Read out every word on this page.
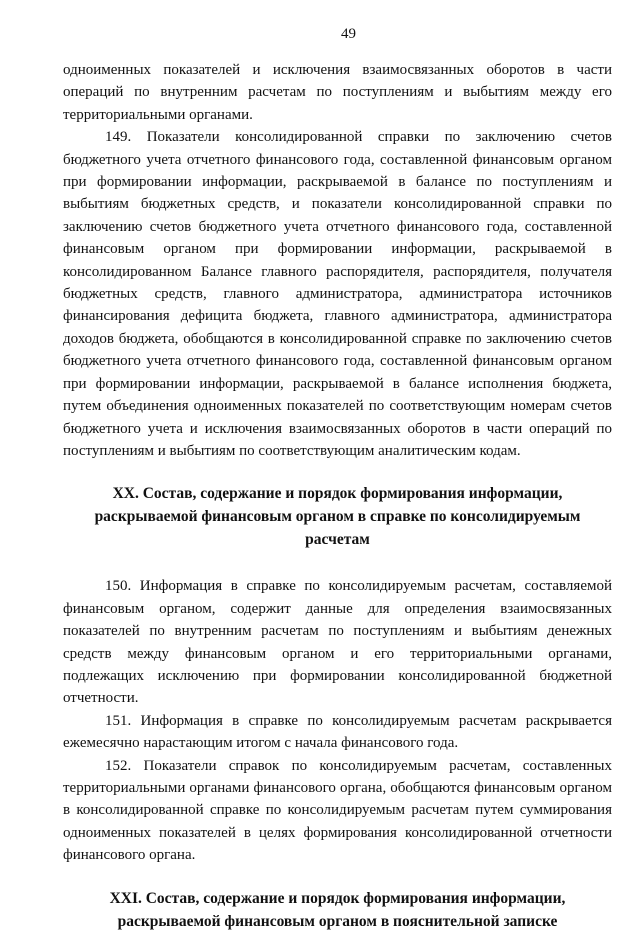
49

одноименных показателей и исключения взаимосвязанных оборотов в части операций по внутренним расчетам по поступлениям и выбытиям между его территориальными органами.

149. Показатели консолидированной справки по заключению счетов бюджетного учета отчетного финансового года, составленной финансовым органом при формировании информации, раскрываемой в балансе по поступлениям и выбытиям бюджетных средств, и показатели консолидированной справки по заключению счетов бюджетного учета отчетного финансового года, составленной финансовым органом при формировании информации, раскрываемой в консолидированном Балансе главного распорядителя, распорядителя, получателя бюджетных средств, главного администратора, администратора источников финансирования дефицита бюджета, главного администратора, администратора доходов бюджета, обобщаются в консолидированной справке по заключению счетов бюджетного учета отчетного финансового года, составленной финансовым органом при формировании информации, раскрываемой в балансе исполнения бюджета, путем объединения одноименных показателей по соответствующим номерам счетов бюджетного учета и исключения взаимосвязанных оборотов в части операций по поступлениям и выбытиям по соответствующим аналитическим кодам.

XX. Состав, содержание и порядок формирования информации, раскрываемой финансовым органом в справке по консолидируемым расчетам

150. Информация в справке по консолидируемым расчетам, составляемой финансовым органом, содержит данные для определения взаимосвязанных показателей по внутренним расчетам по поступлениям и выбытиям денежных средств между финансовым органом и его территориальными органами, подлежащих исключению при формировании консолидированной бюджетной отчетности.

151. Информация в справке по консолидируемым расчетам раскрывается ежемесячно нарастающим итогом с начала финансового года.

152. Показатели справок по консолидируемым расчетам, составленных территориальными органами финансового органа, обобщаются финансовым органом в консолидированной справке по консолидируемым расчетам путем суммирования одноименных показателей в целях формирования консолидированной отчетности финансового органа.

XXI. Состав, содержание и порядок формирования информации, раскрываемой финансовым органом в пояснительной записке
